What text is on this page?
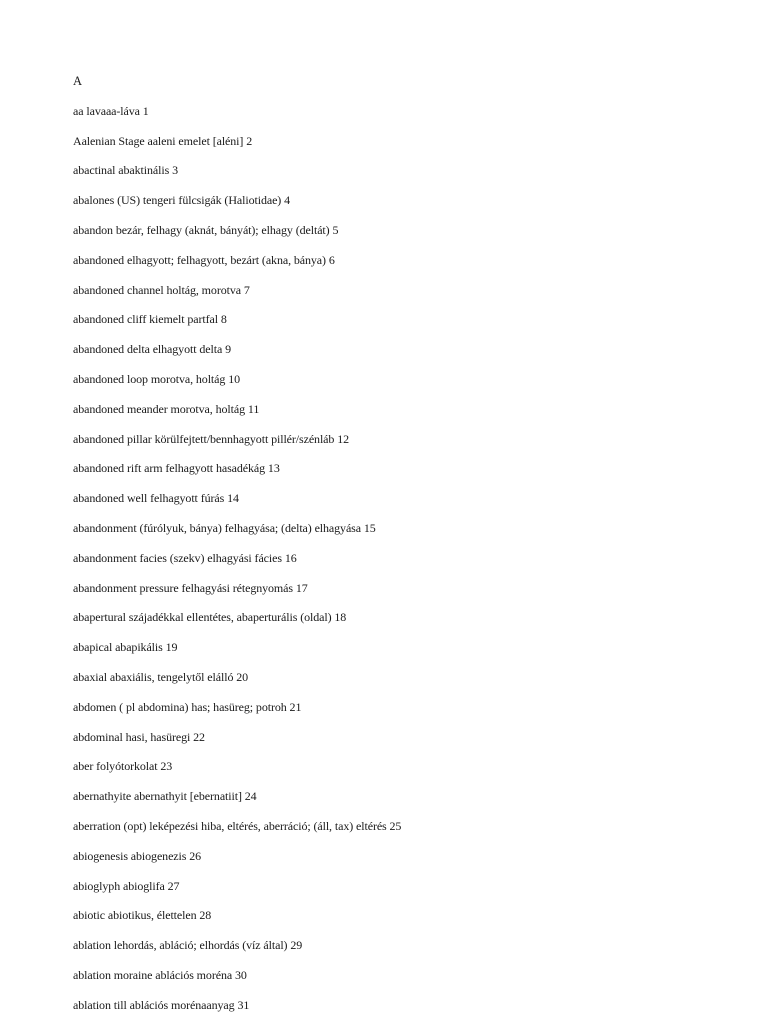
A
aa lavaaa-láva 1
Aalenian Stage aaleni emelet [aléni] 2
abactinal abaktinális 3
abalones (US) tengeri fülcsigák (Haliotidae) 4
abandon bezár, felhagy (aknát, bányát); elhagy (deltát) 5
abandoned elhagyott; felhagyott, bezárt (akna, bánya) 6
abandoned channel holtág, morotva 7
abandoned cliff kiemelt partfal 8
abandoned delta elhagyott delta 9
abandoned loop morotva, holtág 10
abandoned meander morotva, holtág 11
abandoned pillar körülfejtett/bennhagyott pillér/szénláb 12
abandoned rift arm felhagyott hasadékág 13
abandoned well felhagyott fúrás 14
abandonment (fúrólyuk, bánya) felhagyása; (delta) elhagyása 15
abandonment facies (szekv) elhagyási fácies 16
abandonment pressure felhagyási rétegnyomás 17
abapertural szájadékkal ellentétes, abaperturális (oldal) 18
abapical abapikális 19
abaxial abaxiális, tengelytől elálló 20
abdomen ( pl abdomina) has; hasüreg; potroh 21
abdominal hasi, hasüregi 22
aber folyótorkolat 23
abernathyite abernathyit [ebernatiit] 24
aberration (opt) leképezési hiba, eltérés, aberráció; (áll, tax) eltérés 25
abiogenesis abiogenezis 26
abioglyph abioglifa 27
abiotic abiotikus, élettelen 28
ablation lehordás, abláció; elhordás (víz által) 29
ablation moraine ablációs moréna 30
ablation till ablációs morénaanyag 31
